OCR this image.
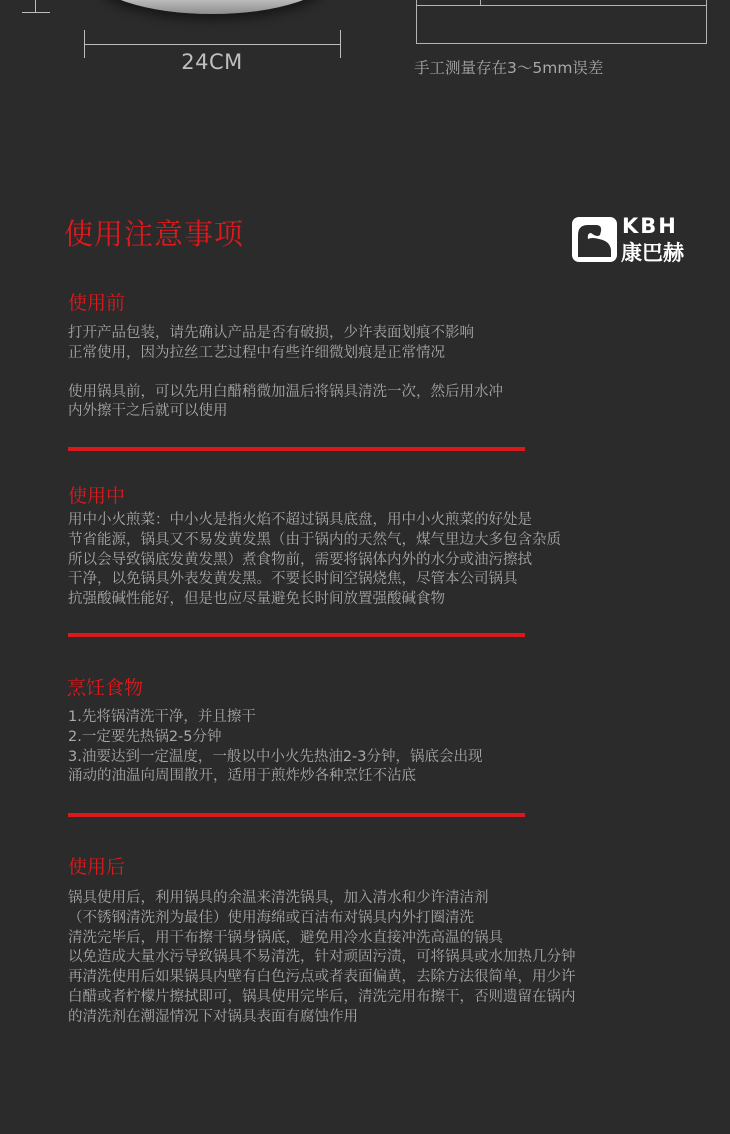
24CM	手工测量存在3～5mm误差
使用注意事项	KBH
康巴赫
使用前

打开产品包装，请先确认产品是否有破损，少许表面划痕不影响

正常使用，因为拉丝工艺过程中有些许细微划痕是正常情况

使用锅具前，可以先用白醋稍微加温后将锅具清洗一次，然后用水冲

内外擦干之后就可以使用

使用中

用中小火煎菜：中小火是指火焰不超过锅具底盘，用中小火煎菜的好处是

节省能源，锅具又不易发黄发黑（由于锅内的天然气，煤气里边大多包含杂质

所以会导致锅底发黄发黑）煮食物前，需要将锅体内外的水分或油污擦拭

干净，以免锅具外表发黄发黑。不要长时间空锅烧焦，尽管本公司锅具

抗强酸碱性能好，但是也应尽量避免长时间放置强酸碱食物

烹饪食物

1.先将锅清洗干净，并且擦干

2.一定要先热锅2-5分钟

3.油要达到一定温度，一般以中小火先热油2-3分钟，锅底会出现

涌动的油温向周围散开，适用于煎炸炒各种烹饪不沾底

使用后

锅具使用后，利用锅具的余温来清洗锅具，加入清水和少许清洁剂

（不锈钢清洗剂为最佳）使用海绵或百洁布对锅具内外打圈清洗

清洗完毕后，用干布擦干锅身锅底，避免用冷水直接冲洗高温的锅具

以免造成大量水污导致锅具不易清洗，针对顽固污渍，可将锅具或水加热几分钟

再清洗使用后如果锅具内壁有白色污点或者表面偏黄，去除方法很简单，用少许

白醋或者柠檬片擦拭即可，锅具使用完毕后，清洗完用布擦干，否则遗留在锅内

的清洗剂在潮湿情况下对锅具表面有腐蚀作用
